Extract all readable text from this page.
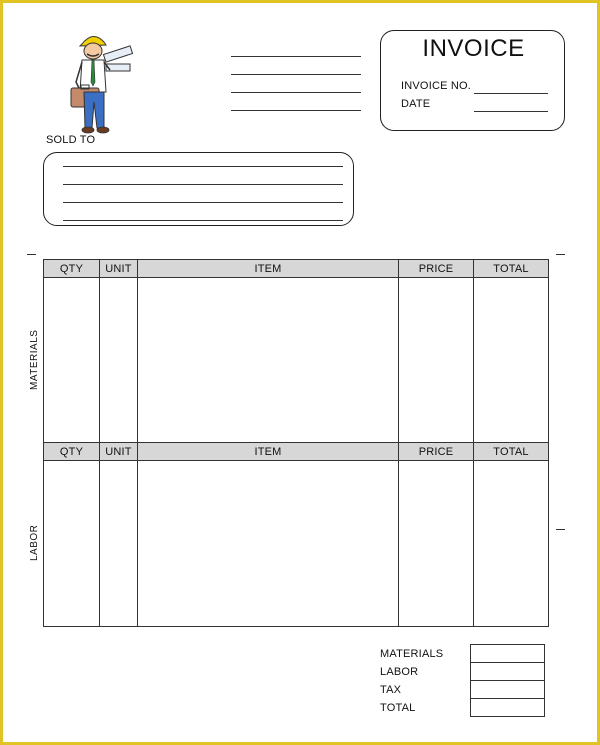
INVOICE
INVOICE NO.
DATE
SOLD TO
QTY	UNIT	ITEM	PRICE	TOTAL

QTY	UNIT	ITEM	PRICE	TOTAL

MATERIALS
LABOR
MATERIALS	
LABOR	
TAX	
TOTAL	
